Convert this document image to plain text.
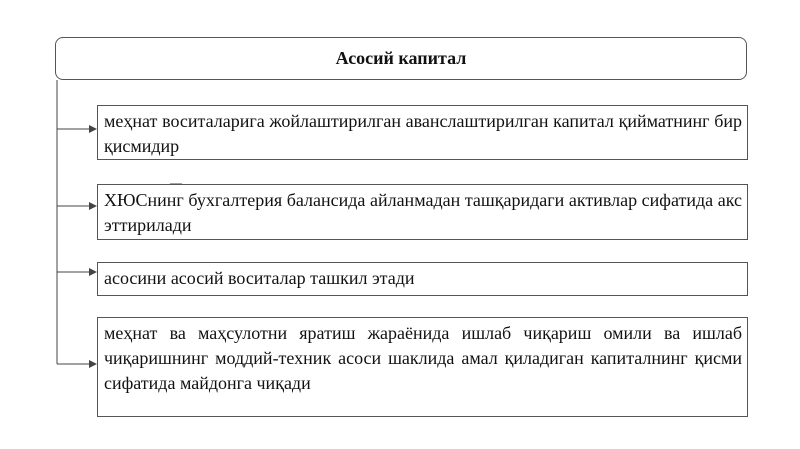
Асосий капитал
меҳнат воситаларига жойлаштирилган аванслаштирилган капитал қийматнинг бир қисмидир
ХЮСнинг бухгалтерия балансида айланмадан ташқаридаги активлар сифатида акс эттирилади
асосини асосий воситалар ташкил этади
меҳнат ва маҳсулотни яратиш жараёнида ишлаб чиқариш омили ва ишлаб чиқаришнинг моддий-техник асоси шаклида амал қиладиган капиталнинг қисми сифатида майдонга чиқади
